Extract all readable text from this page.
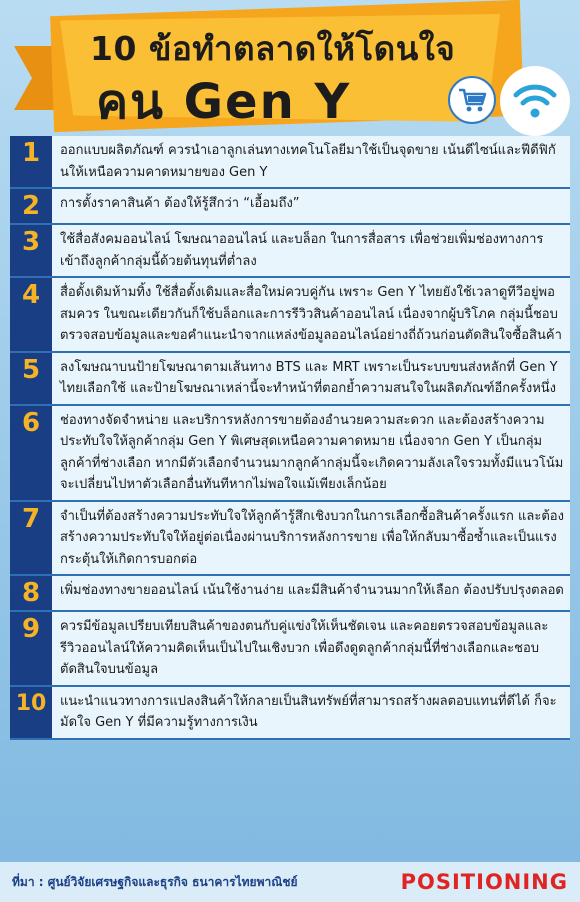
10 ข้อทำตลาดให้โดนใจ
คน Gen Y
1	ออกแบบผลิตภัณฑ์ ควรนำเอาลูกเล่นทางเทคโนโลยีมาใช้เป็นจุดขาย เน้นดีไซน์และฟีดีฟิกันให้เหนือความคาดหมายของ Gen Y
2	การตั้งราคาสินค้า ต้องให้รู้สึกว่า “เอื้อมถึง”
3	ใช้สื่อสังคมออนไลน์ โฆษณาออนไลน์ และบล็อก ในการสื่อสาร เพื่อช่วยเพิ่มช่องทางการเข้าถึงลูกค้ากลุ่มนี้ด้วยต้นทุนที่ต่ำลง
4	สื่อดั้งเดิมห้ามทิ้ง ใช้สื่อดั้งเดิมและสื่อใหม่ควบคู่กัน เพราะ Gen Y ไทยยังใช้เวลาดูทีวีอยู่พอสมควร ในขณะเดียวกันก็ใช้บล็อกและการรีวิวสินค้าออนไลน์ เนื่องจากผู้บริโภค กลุ่มนี้ชอบตรวจสอบข้อมูลและขอคำแนะนำจากแหล่งข้อมูลออนไลน์อย่างถี่ถ้วนก่อนตัดสินใจซื้อสินค้า
5	ลงโฆษณาบนป้ายโฆษณาตามเส้นทาง BTS และ MRT เพราะเป็นระบบขนส่งหลักที่ Gen Y ไทยเลือกใช้ และป้ายโฆษณาเหล่านี้จะทำหน้าที่ตอกย้ำความสนใจในผลิตภัณฑ์อีกครั้งหนึ่ง
6	ช่องทางจัดจำหน่าย และบริการหลังการขายต้องอำนวยความสะดวก และต้องสร้างความประทับใจให้ลูกค้ากลุ่ม Gen Y พิเศษสุดเหนือความคาดหมาย เนื่องจาก Gen Y เป็นกลุ่มลูกค้าที่ช่างเลือก หากมีตัวเลือกจำนวนมากลูกค้ากลุ่มนี้จะเกิดความลังเลใจรวมทั้งมีแนวโน้มจะเปลี่ยนไปหาตัวเลือกอื่นทันทีหากไม่พอใจแม้เพียงเล็กน้อย
7	จำเป็นที่ต้องสร้างความประทับใจให้ลูกค้ารู้สึกเชิงบวกในการเลือกซื้อสินค้าครั้งแรก และต้องสร้างความประทับใจให้อยู่ต่อเนื่องผ่านบริการหลังการขาย เพื่อให้กลับมาซื้อซ้ำและเป็นแรงกระตุ้นให้เกิดการบอกต่อ
8	เพิ่มช่องทางขายออนไลน์ เน้นใช้งานง่าย และมีสินค้าจำนวนมากให้เลือก ต้องปรับปรุงตลอด
9	ควรมีข้อมูลเปรียบเทียบสินค้าของตนกับคู่แข่งให้เห็นชัดเจน และคอยตรวจสอบข้อมูลและรีวิวออนไลน์ให้ความคิดเห็นเป็นไปในเชิงบวก เพื่อดึงดูดลูกค้ากลุ่มนี้ที่ช่างเลือกและชอบตัดสินใจบนข้อมูล
10	แนะนำแนวทางการแปลงสินค้าให้กลายเป็นสินทรัพย์ที่สามารถสร้างผลตอบแทนที่ดีได้ ก็จะมัดใจ Gen Y ที่มีความรู้ทางการเงิน
ที่มา : ศูนย์วิจัยเศรษฐกิจและธุรกิจ ธนาคารไทยพาณิชย์	POSITIONING
